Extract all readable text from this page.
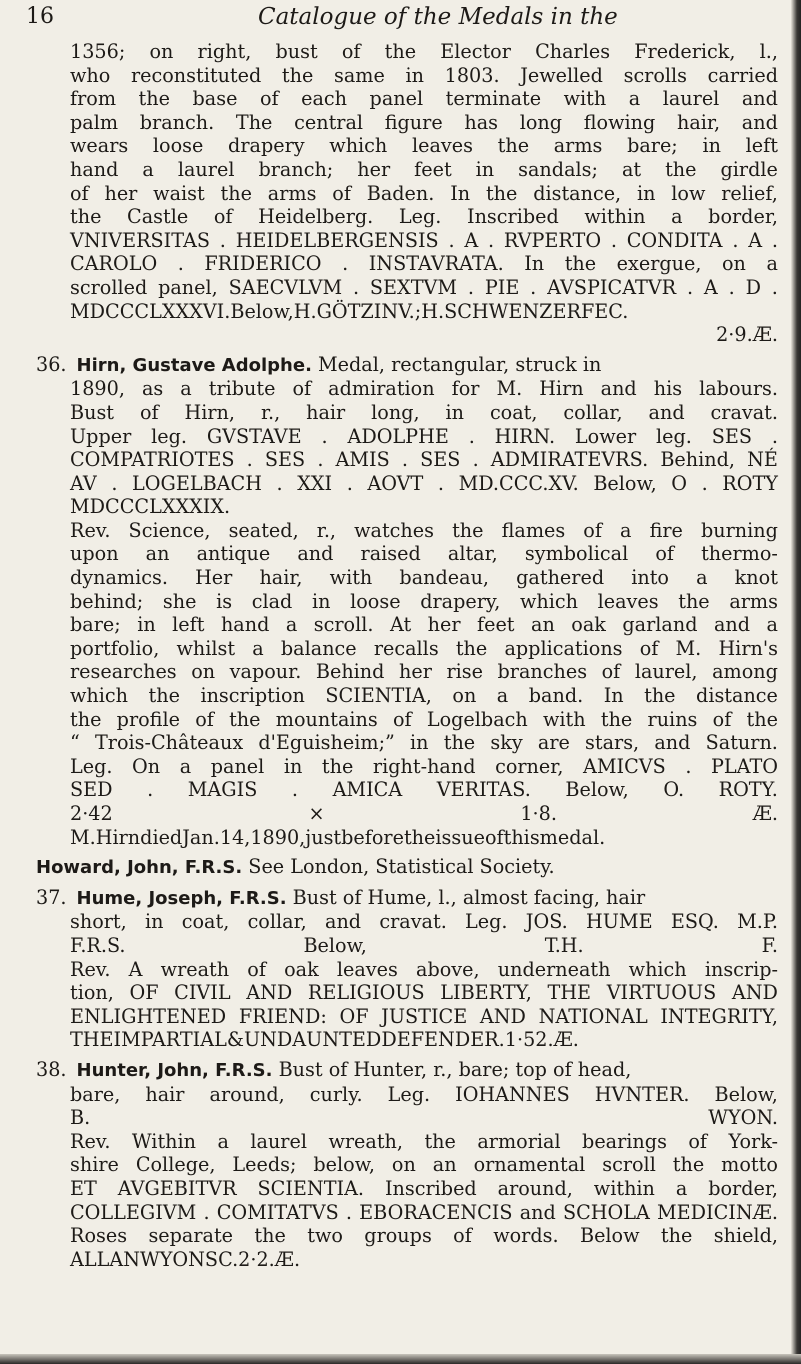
16	Catalogue of the Medals in the
1356; on right, bust of the Elector Charles Frederick, l.,
who reconstituted the same in 1803. Jewelled scrolls carried
from the base of each panel terminate with a laurel and
palm branch. The central figure has long flowing hair, and
wears loose drapery which leaves the arms bare; in left
hand a laurel branch; her feet in sandals; at the girdle
of her waist the arms of Baden. In the distance, in low relief,
the Castle of Heidelberg. Leg. Inscribed within a border,
VNIVERSITAS . HEIDELBERGENSIS . A . RVPERTO . CONDITA . A .
CAROLO . FRIDERICO . INSTAVRATA. In the exergue, on a
scrolled panel, SAECVLVM . SEXTVM . PIE . AVSPICATVR . A . D .
MDCCCLXXXVI. Below, H . GÖTZ INV.; H . SCHWENZER FEC.
2·9. Æ.
36. Hirn, Gustave Adolphe. Medal, rectangular, struck in
1890, as a tribute of admiration for M. Hirn and his labours.
Bust of Hirn, r., hair long, in coat, collar, and cravat.
Upper leg. GVSTAVE . ADOLPHE . HIRN. Lower leg. SES .
COMPATRIOTES . SES . AMIS . SES . ADMIRATEVRS. Behind, NÉ
AV . LOGELBACH . XXI . AOVT . MD.CCC.XV. Below, O . ROTY
MDCCCLXXXIX.
Rev. Science, seated, r., watches the flames of a fire burning
upon an antique and raised altar, symbolical of thermo-
dynamics. Her hair, with bandeau, gathered into a knot
behind; she is clad in loose drapery, which leaves the arms
bare; in left hand a scroll. At her feet an oak garland and a
portfolio, whilst a balance recalls the applications of M. Hirn's
researches on vapour. Behind her rise branches of laurel, among
which the inscription SCIENTIA, on a band. In the distance
the profile of the mountains of Logelbach with the ruins of the
“ Trois-Châteaux d'Eguisheim;” in the sky are stars, and Saturn.
Leg. On a panel in the right-hand corner, AMICVS . PLATO
SED . MAGIS . AMICA VERITAS. Below, O. ROTY.
2·42	×	1·8.	Æ.
M. Hirn died Jan. 14, 1890, just before the issue of this medal.
Howard, John, F.R.S. See London, Statistical Society.
37. Hume, Joseph, F.R.S. Bust of Hume, l., almost facing, hair
short, in coat, collar, and cravat. Leg. JOS. HUME ESQ. M.P.
F.R.S.	Below,	T.H.	F.
Rev. A wreath of oak leaves above, underneath which inscrip-
tion, OF CIVIL AND RELIGIOUS LIBERTY, THE VIRTUOUS AND
ENLIGHTENED FRIEND: OF JUSTICE AND NATIONAL INTEGRITY,
THE IMPARTIAL & UNDAUNTED DEFENDER. 1·52. Æ.
38. Hunter, John, F.R.S. Bust of Hunter, r., bare; top of head,
bare, hair around, curly. Leg. IOHANNES HVNTER. Below,
B.	WYON.
Rev. Within a laurel wreath, the armorial bearings of York-
shire College, Leeds; below, on an ornamental scroll the motto
ET AVGEBITVR SCIENTIA. Inscribed around, within a border,
COLLEGIVM . COMITATVS . EBORACENCIS and SCHOLA MEDICINÆ.
Roses separate the two groups of words. Below the shield,
ALLAN WYON SC. 2·2. Æ.
